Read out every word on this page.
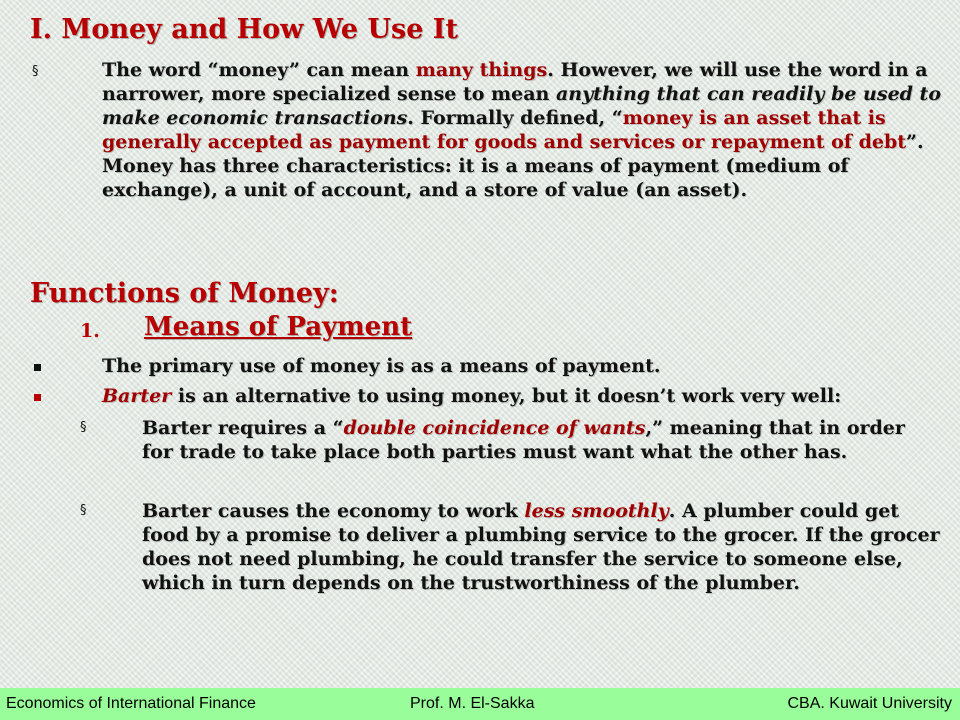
I. Money and How We Use It
§	The word “money” can mean many things. However, we will use the word in a narrower, more specialized sense to mean anything that can readily be used to make economic transactions. Formally defined, “money is an asset that is generally accepted as payment for goods and services or repayment of debt”. Money has three characteristics: it is a means of payment (medium of exchange), a unit of account, and a store of value (an asset).
Functions of Money:
1. Means of Payment
The primary use of money is as a means of payment.
Barter is an alternative to using money, but it doesn’t work very well:
§	Barter requires a “double coincidence of wants,” meaning that in order for trade to take place both parties must want what the other has.
§	Barter causes the economy to work less smoothly. A plumber could get food by a promise to deliver a plumbing service to the grocer. If the grocer does not need plumbing, he could transfer the service to someone else, which in turn depends on the trustworthiness of the plumber.
Economics of International Finance	Prof. M. El-Sakka	CBA. Kuwait University
